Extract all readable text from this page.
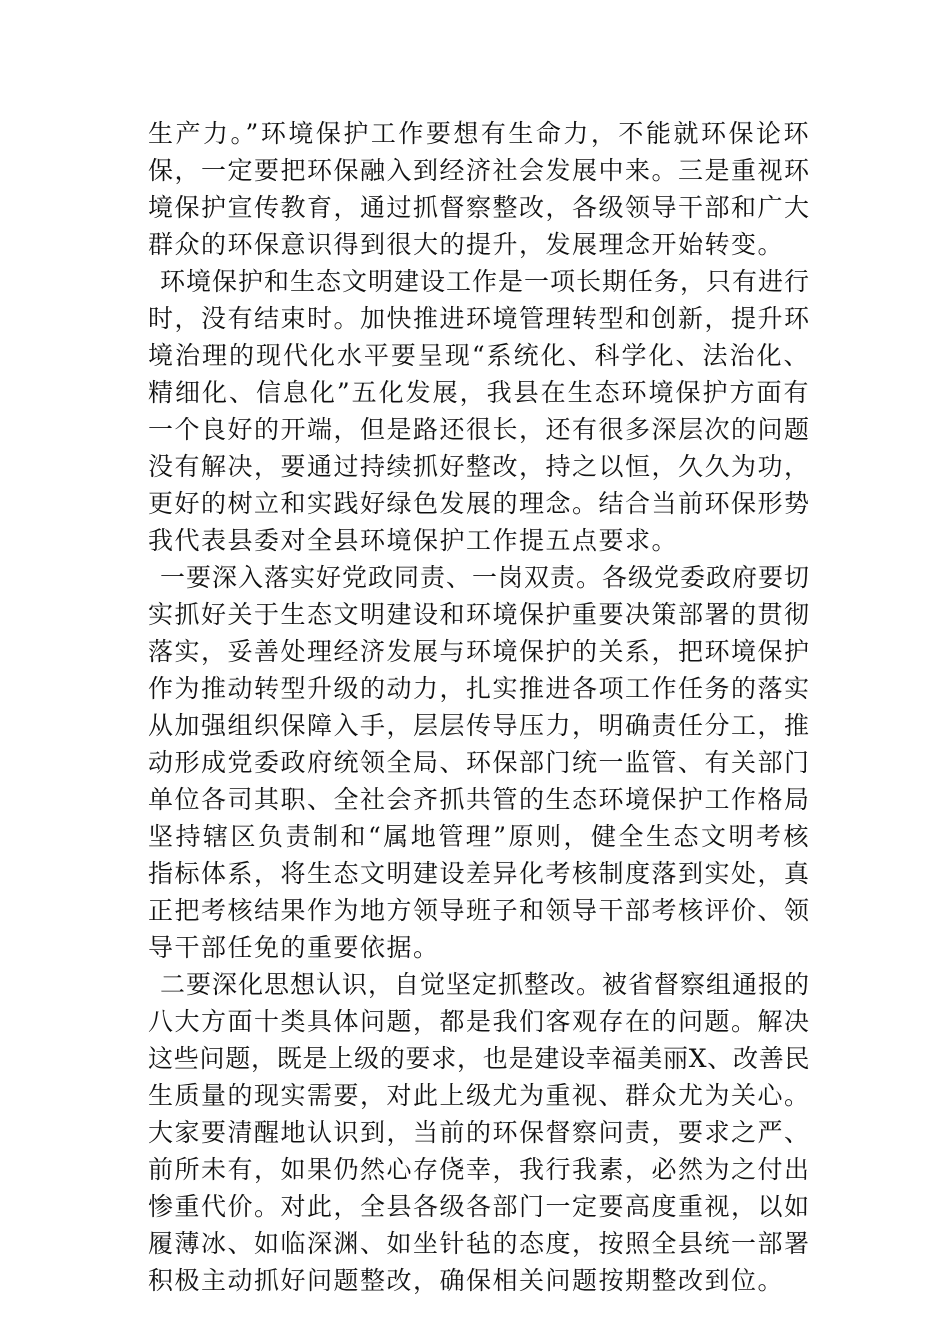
生产力。”环境保护工作要想有生命力，不能就环保论环
保，一定要把环保融入到经济社会发展中来。三是重视环
境保护宣传教育，通过抓督察整改，各级领导干部和广大
群众的环保意识得到很大的提升，发展理念开始转变。
环境保护和生态文明建设工作是一项长期任务，只有进行
时，没有结束时。加快推进环境管理转型和创新，提升环
境治理的现代化水平要呈现“系统化、科学化、法治化、
精细化、信息化”五化发展，我县在生态环境保护方面有
一个良好的开端，但是路还很长，还有很多深层次的问题
没有解决，要通过持续抓好整改，持之以恒，久久为功，
更好的树立和实践好绿色发展的理念。结合当前环保形势
我代表县委对全县环境保护工作提五点要求。
一要深入落实好党政同责、一岗双责。各级党委政府要切
实抓好关于生态文明建设和环境保护重要决策部署的贯彻
落实，妥善处理经济发展与环境保护的关系，把环境保护
作为推动转型升级的动力，扎实推进各项工作任务的落实
从加强组织保障入手，层层传导压力，明确责任分工，推
动形成党委政府统领全局、环保部门统一监管、有关部门
单位各司其职、全社会齐抓共管的生态环境保护工作格局
坚持辖区负责制和“属地管理”原则，健全生态文明考核
指标体系，将生态文明建设差异化考核制度落到实处，真
正把考核结果作为地方领导班子和领导干部考核评价、领
导干部任免的重要依据。
二要深化思想认识，自觉坚定抓整改。被省督察组通报的
八大方面十类具体问题，都是我们客观存在的问题。解决
这些问题，既是上级的要求，也是建设幸福美丽X、改善民
生质量的现实需要，对此上级尤为重视、群众尤为关心。
大家要清醒地认识到，当前的环保督察问责，要求之严、
前所未有，如果仍然心存侥幸，我行我素，必然为之付出
惨重代价。对此，全县各级各部门一定要高度重视，以如
履薄冰、如临深渊、如坐针毡的态度，按照全县统一部署
积极主动抓好问题整改，确保相关问题按期整改到位。
